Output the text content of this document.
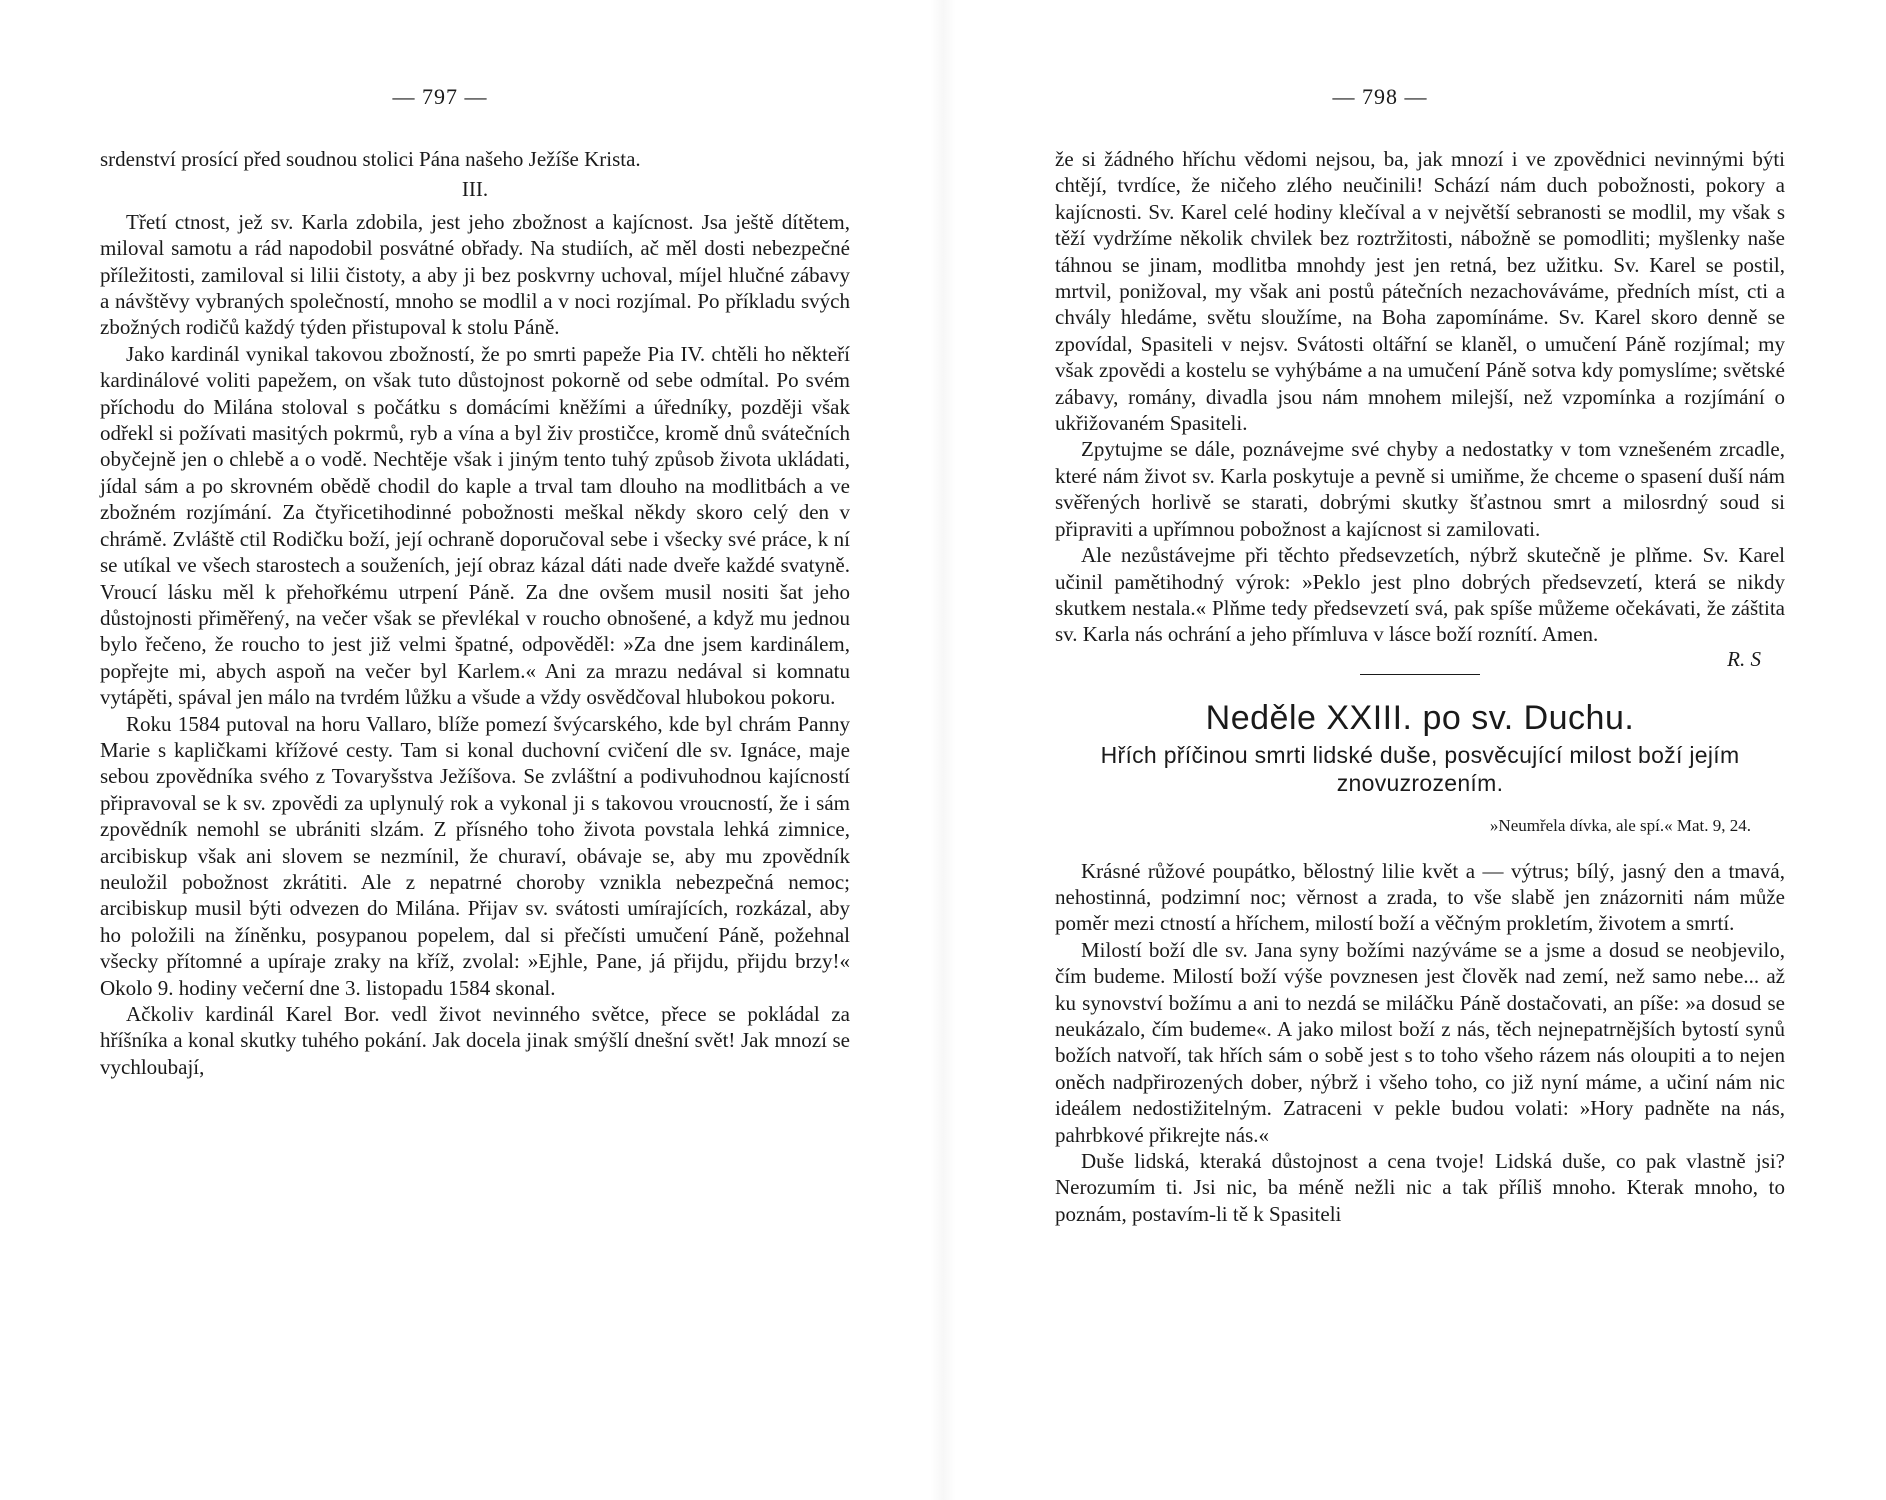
— 797 —

srdenství prosící před soudnou stolici Pána našeho Ježíše Krista.

III.

Třetí ctnost, jež sv. Karla zdobila, jest jeho zbožnost a kajícnost. Jsa ještě dítětem, miloval samotu a rád napodobil posvátné obřady. Na studiích, ač měl dosti nebezpečné příležitosti, zamiloval si lilii čistoty, a aby ji bez poskvrny uchoval, míjel hlučné zábavy a návštěvy vybraných společností, mnoho se modlil a v noci rozjímal. Po příkladu svých zbožných rodičů každý týden přistupoval k stolu Páně.

Jako kardinál vynikal takovou zbožností, že po smrti papeže Pia IV. chtěli ho někteří kardinálové voliti papežem, on však tuto důstojnost pokorně od sebe odmítal. Po svém příchodu do Milána stoloval s počátku s domácími kněžími a úředníky, později však odřekl si požívati masitých pokrmů, ryb a vína a byl živ prostičce, kromě dnů svátečních obyčejně jen o chlebě a o vodě. Nechtěje však i jiným tento tuhý způsob života ukládati, jídal sám a po skrovném obědě chodil do kaple a trval tam dlouho na modlitbách a ve zbožném rozjímání. Za čtyřicetihodinné pobožnosti meškal někdy skoro celý den v chrámě. Zvláště ctil Rodičku boží, její ochraně doporučoval sebe i všecky své práce, k ní se utíkal ve všech starostech a souženích, její obraz kázal dáti nade dveře každé svatyně. Vroucí lásku měl k přehořkému utrpení Páně. Za dne ovšem musil nositi šat jeho důstojnosti přiměřený, na večer však se převlékal v roucho obnošené, a když mu jednou bylo řečeno, že roucho to jest již velmi špatné, odpověděl: »Za dne jsem kardinálem, popřejte mi, abych aspoň na večer byl Karlem.« Ani za mrazu nedával si komnatu vytápěti, spával jen málo na tvrdém lůžku a všude a vždy osvědčoval hlubokou pokoru.

Roku 1584 putoval na horu Vallaro, blíže pomezí švýcarského, kde byl chrám Panny Marie s kapličkami křížové cesty. Tam si konal duchovní cvičení dle sv. Ignáce, maje sebou zpovědníka svého z Tovaryšstva Ježíšova. Se zvláštní a podivuhodnou kajícností připravoval se k sv. zpovědi za uplynulý rok a vykonal ji s takovou vroucností, že i sám zpovědník nemohl se ubrániti slzám. Z přísného toho života povstala lehká zimnice, arcibiskup však ani slovem se nezmínil, že churaví, obávaje se, aby mu zpovědník neuložil pobožnost zkrátiti. Ale z nepatrné choroby vznikla nebezpečná nemoc; arcibiskup musil býti odvezen do Milána. Přijav sv. svátosti umírajících, rozkázal, aby ho položili na žíněnku, posypanou popelem, dal si přečísti umučení Páně, požehnal všecky přítomné a upíraje zraky na kříž, zvolal: »Ejhle, Pane, já přijdu, přijdu brzy!« Okolo 9. hodiny večerní dne 3. listopadu 1584 skonal.

Ačkoliv kardinál Karel Bor. vedl život nevinného světce, přece se pokládal za hříšníka a konal skutky tuhého pokání. Jak docela jinak smýšlí dnešní svět! Jak mnozí se vychloubají,

— 798 —

že si žádného hříchu vědomi nejsou, ba, jak mnozí i ve zpovědnici nevinnými býti chtějí, tvrdíce, že ničeho zlého neučinili! Schází nám duch pobožnosti, pokory a kajícnosti. Sv. Karel celé hodiny klečíval a v největší sebranosti se modlil, my však s těží vydržíme několik chvilek bez roztržitosti, nábožně se pomodliti; myšlenky naše táhnou se jinam, modlitba mnohdy jest jen retná, bez užitku. Sv. Karel se postil, mrtvil, ponižoval, my však ani postů pátečních nezachováváme, předních míst, cti a chvály hledáme, světu sloužíme, na Boha zapomínáme. Sv. Karel skoro denně se zpovídal, Spasiteli v nejsv. Svátosti oltářní se klaněl, o umučení Páně rozjímal; my však zpovědi a kostelu se vyhýbáme a na umučení Páně sotva kdy pomyslíme; světské zábavy, romány, divadla jsou nám mnohem milejší, než vzpomínka a rozjímání o ukřižovaném Spasiteli.

Zpytujme se dále, poznávejme své chyby a nedostatky v tom vznešeném zrcadle, které nám život sv. Karla poskytuje a pevně si umiňme, že chceme o spasení duší nám svěřených horlivě se starati, dobrými skutky šťastnou smrt a milosrdný soud si připraviti a upřímnou pobožnost a kajícnost si zamilovati.

Ale nezůstávejme při těchto předsevzetích, nýbrž skutečně je plňme. Sv. Karel učinil pamětihodný výrok: »Peklo jest plno dobrých předsevzetí, která se nikdy skutkem nestala.« Plňme tedy předsevzetí svá, pak spíše můžeme očekávati, že záštita sv. Karla nás ochrání a jeho přímluva v lásce boží roznítí. Amen.

R. S
Neděle XXIII. po sv. Duchu.
Hřích příčinou smrti lidské duše, posvěcující milost boží jejím znovuzrozením.
»Neumřela dívka, ale spí.« Mat. 9, 24.

Krásné růžové poupátko, bělostný lilie květ a — výtrus; bílý, jasný den a tmavá, nehostinná, podzimní noc; věrnost a zrada, to vše slabě jen znázorniti nám může poměr mezi ctností a hříchem, milostí boží a věčným prokletím, životem a smrtí.

Milostí boží dle sv. Jana syny božími nazýváme se a jsme a dosud se neobjevilo, čím budeme. Milostí boží výše povznesen jest člověk nad zemí, než samo nebe... až ku synovství božímu a ani to nezdá se miláčku Páně dostačovati, an píše: »a dosud se neukázalo, čím budeme«. A jako milost boží z nás, těch nejnepatrnějších bytostí synů božích natvoří, tak hřích sám o sobě jest s to toho všeho rázem nás oloupiti a to nejen oněch nadpřirozených dober, nýbrž i všeho toho, co již nyní máme, a učiní nám nic ideálem nedostižitelným. Zatraceni v pekle budou volati: »Hory padněte na nás, pahrbkové přikrejte nás.«

Duše lidská, kteraká důstojnost a cena tvoje! Lidská duše, co pak vlastně jsi? Nerozumím ti. Jsi nic, ba méně nežli nic a tak příliš mnoho. Kterak mnoho, to poznám, postavím-li tě k Spasiteli
